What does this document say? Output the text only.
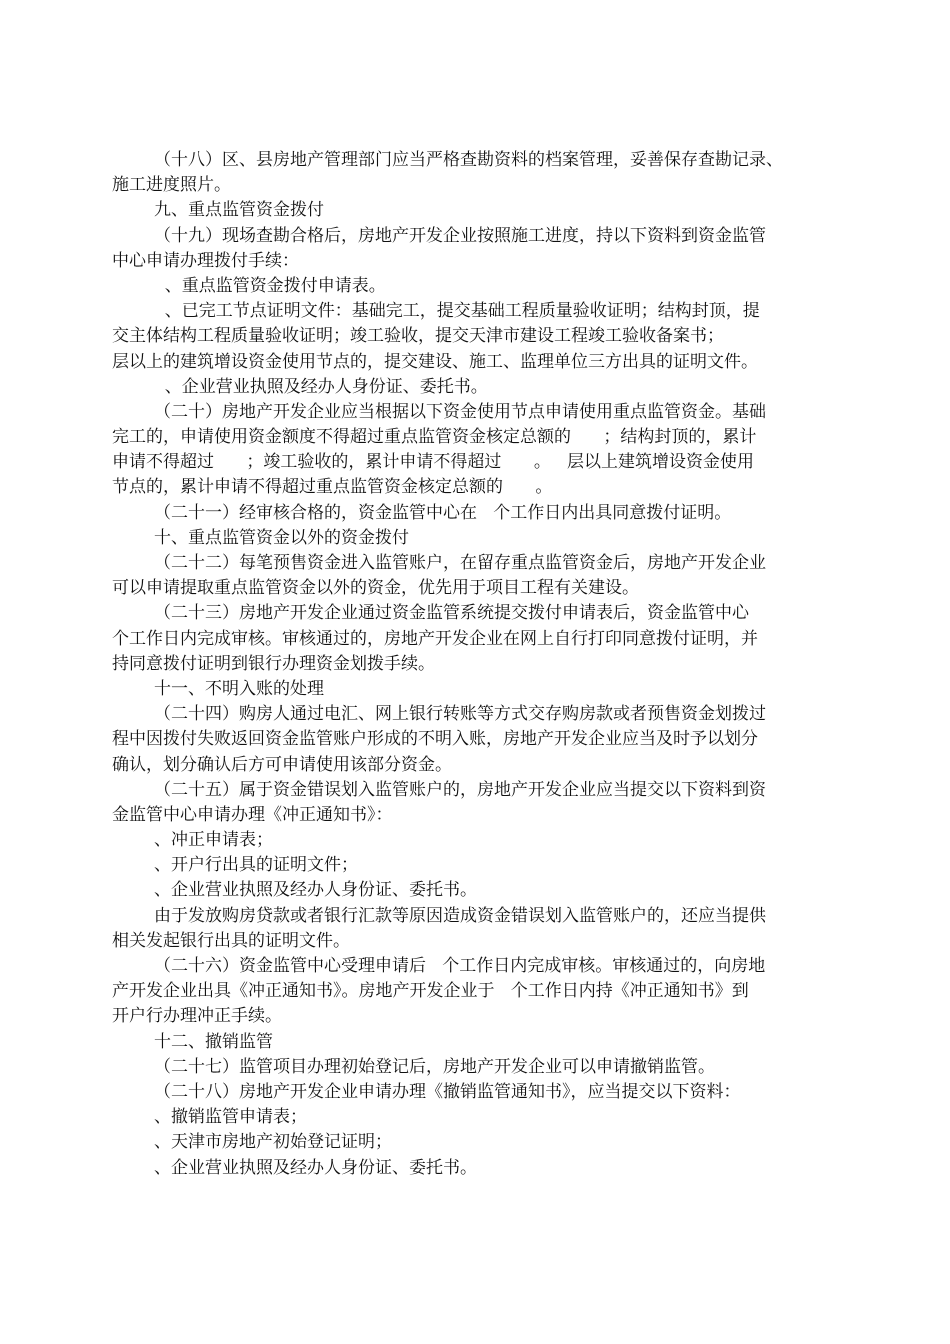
（十八）区、县房地产管理部门应当严格查勘资料的档案管理，妥善保存查勘记录、
施工进度照片。
九、重点监管资金拨付
（十九）现场查勘合格后，房地产开发企业按照施工进度，持以下资料到资金监管
中心申请办理拨付手续：
、重点监管资金拨付申请表。
、已完工节点证明文件：基础完工，提交基础工程质量验收证明；结构封顶，提
交主体结构工程质量验收证明；竣工验收，提交天津市建设工程竣工验收备案书；
层以上的建筑增设资金使用节点的，提交建设、施工、监理单位三方出具的证明文件。
、企业营业执照及经办人身份证、委托书。
（二十）房地产开发企业应当根据以下资金使用节点申请使用重点监管资金。基础
完工的，申请使用资金额度不得超过重点监管资金核定总额的      ；结构封顶的，累计
申请不得超过      ；竣工验收的，累计申请不得超过      。   层以上建筑增设资金使用
节点的，累计申请不得超过重点监管资金核定总额的      。
（二十一）经审核合格的，资金监管中心在   个工作日内出具同意拨付证明。
十、重点监管资金以外的资金拨付
（二十二）每笔预售资金进入监管账户，在留存重点监管资金后，房地产开发企业
可以申请提取重点监管资金以外的资金，优先用于项目工程有关建设。
（二十三）房地产开发企业通过资金监管系统提交拨付申请表后，资金监管中心
个工作日内完成审核。审核通过的，房地产开发企业在网上自行打印同意拨付证明，并
持同意拨付证明到银行办理资金划拨手续。
十一、不明入账的处理
（二十四）购房人通过电汇、网上银行转账等方式交存购房款或者预售资金划拨过
程中因拨付失败返回资金监管账户形成的不明入账，房地产开发企业应当及时予以划分
确认，划分确认后方可申请使用该部分资金。
（二十五）属于资金错误划入监管账户的，房地产开发企业应当提交以下资料到资
金监管中心申请办理《冲正通知书》：
、冲正申请表；
、开户行出具的证明文件；
、企业营业执照及经办人身份证、委托书。
由于发放购房贷款或者银行汇款等原因造成资金错误划入监管账户的，还应当提供
相关发起银行出具的证明文件。
（二十六）资金监管中心受理申请后   个工作日内完成审核。审核通过的，向房地
产开发企业出具《冲正通知书》。房地产开发企业于   个工作日内持《冲正通知书》到
开户行办理冲正手续。
十二、撤销监管
（二十七）监管项目办理初始登记后，房地产开发企业可以申请撤销监管。
（二十八）房地产开发企业申请办理《撤销监管通知书》，应当提交以下资料：
、撤销监管申请表；
、天津市房地产初始登记证明；
、企业营业执照及经办人身份证、委托书。
